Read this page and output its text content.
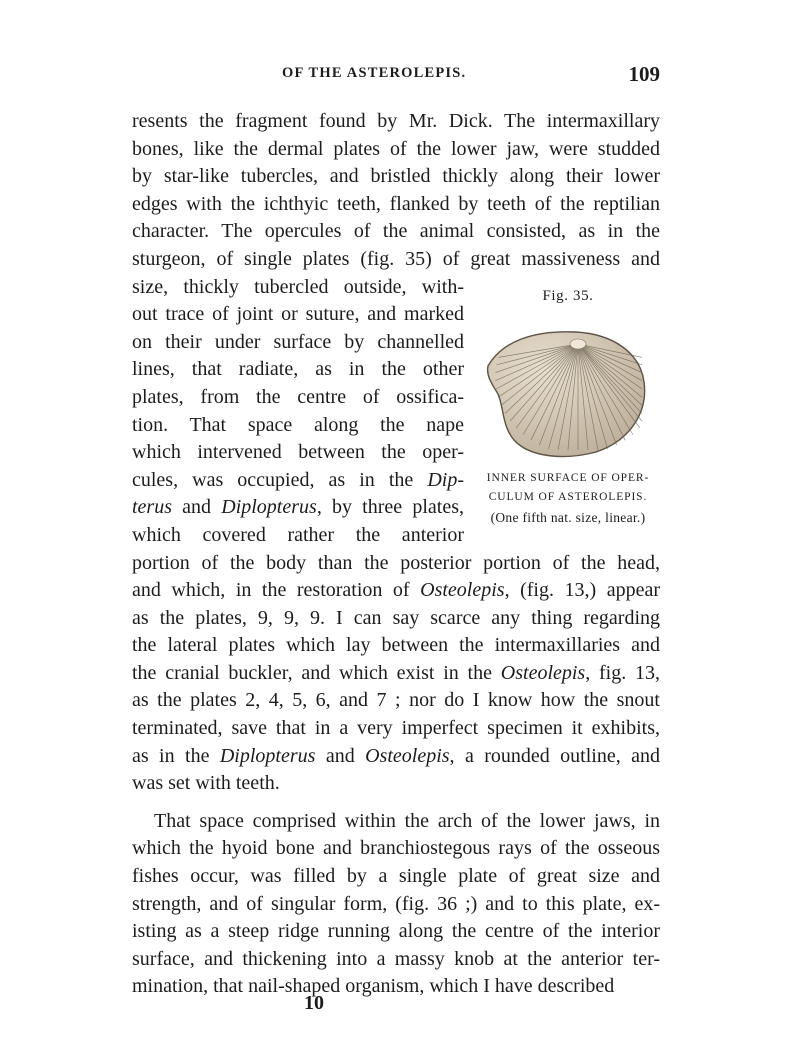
OF THE ASTEROLEPIS.	109
resents the fragment found by Mr. Dick. The intermaxillary
bones, like the dermal plates of the lower jaw, were studded
by star-like tubercles, and bristled thickly along their lower
edges with the ichthyic teeth, flanked by teeth of the reptilian
character. The opercules of the animal consisted, as in the
sturgeon, of single plates (fig. 35) of great massiveness and
size, thickly tubercled outside, with-
out trace of joint or suture, and marked
on their under surface by channelled
lines, that radiate, as in the other
plates, from the centre of ossifica-
tion. That space along the nape
which intervened between the oper-
cules, was occupied, as in the Dip-
terus and Diplopterus, by three plates,
which covered rather the anterior
portion of the body than the posterior portion of the head,
and which, in the restoration of Osteolepis, (fig. 13,) appear
as the plates, 9, 9, 9. I can say scarce any thing regarding
the lateral plates which lay between the intermaxillaries and
the cranial buckler, and which exist in the Osteolepis, fig. 13,
as the plates 2, 4, 5, 6, and 7 ; nor do I know how the snout
terminated, save that in a very imperfect specimen it exhibits,
as in the Diplopterus and Osteolepis, a rounded outline, and
was set with teeth.
That space comprised within the arch of the lower jaws, in
which the hyoid bone and branchiostegous rays of the osseous
fishes occur, was filled by a single plate of great size and
strength, and of singular form, (fig. 36 ;) and to this plate, ex-
isting as a steep ridge running along the centre of the interior
surface, and thickening into a massy knob at the anterior ter-
mination, that nail-shaped organism, which I have described
Fig. 35.
INNER SURFACE OF OPER-
CULUM OF ASTEROLEPIS.
(One fifth nat. size, linear.)
10
